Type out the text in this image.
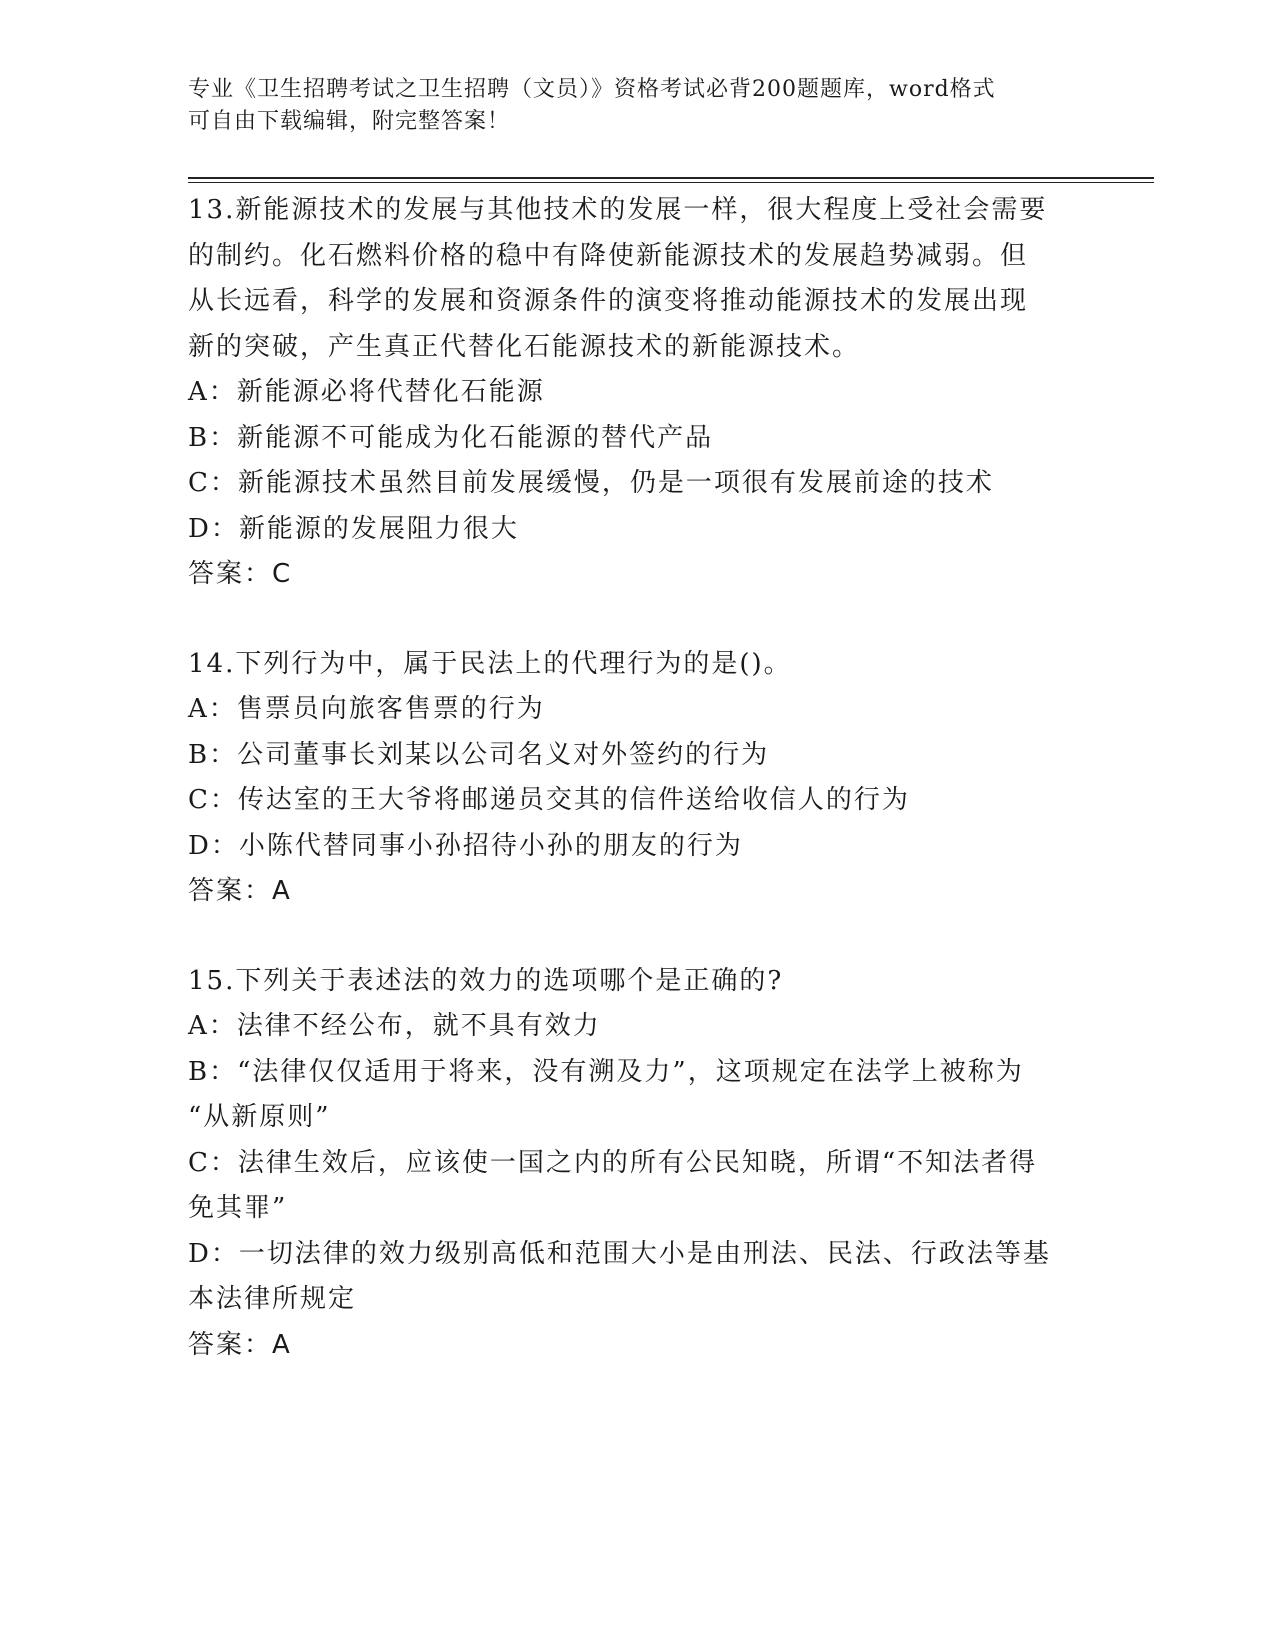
专业《卫生招聘考试之卫生招聘（文员）》资格考试必背200题题库，word格式
可自由下载编辑，附完整答案！
13.新能源技术的发展与其他技术的发展一样，很大程度上受社会需要
的制约。化石燃料价格的稳中有降使新能源技术的发展趋势减弱。但
从长远看，科学的发展和资源条件的演变将推动能源技术的发展出现
新的突破，产生真正代替化石能源技术的新能源技术。
A：新能源必将代替化石能源
B：新能源不可能成为化石能源的替代产品
C：新能源技术虽然目前发展缓慢，仍是一项很有发展前途的技术
D：新能源的发展阻力很大
答案：C
14.下列行为中，属于民法上的代理行为的是()。
A：售票员向旅客售票的行为
B：公司董事长刘某以公司名义对外签约的行为
C：传达室的王大爷将邮递员交其的信件送给收信人的行为
D：小陈代替同事小孙招待小孙的朋友的行为
答案：A
15.下列关于表述法的效力的选项哪个是正确的?
A：法律不经公布，就不具有效力
B：“法律仅仅适用于将来，没有溯及力”，这项规定在法学上被称为
“从新原则”
C：法律生效后，应该使一国之内的所有公民知晓，所谓“不知法者得
免其罪”
D：一切法律的效力级别高低和范围大小是由刑法、民法、行政法等基
本法律所规定
答案：A
